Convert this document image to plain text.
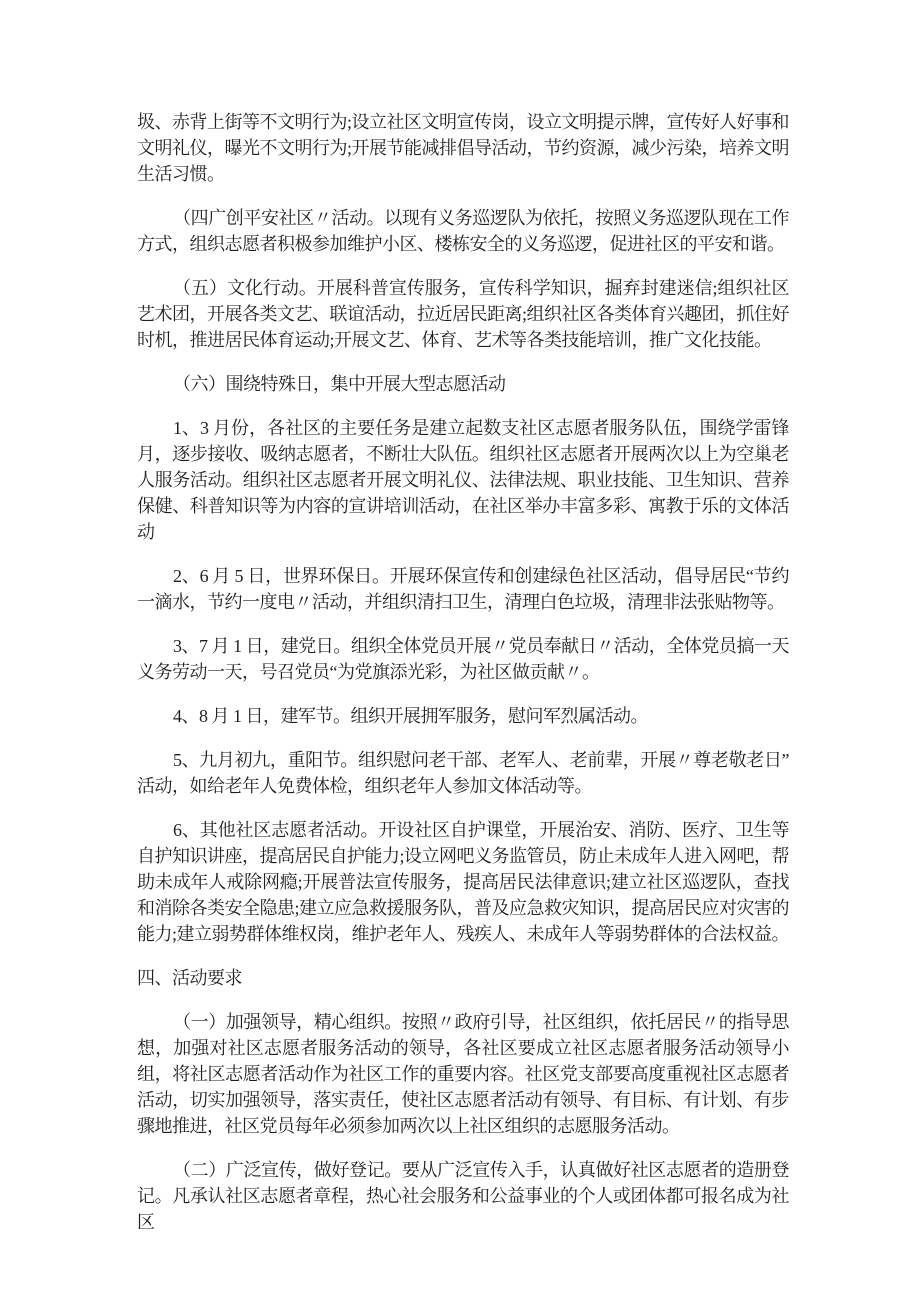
圾、赤背上街等不文明行为;设立社区文明宣传岗，设立文明提示牌，宣传好人好事和文明礼仪，曝光不文明行为;开展节能减排倡导活动，节约资源，减少污染，培养文明生活习惯。

（四广创平安社区〃活动。以现有义务巡逻队为依托，按照义务巡逻队现在工作方式，组织志愿者积极参加维护小区、楼栋安全的义务巡逻，促进社区的平安和谐。

（五）文化行动。开展科普宣传服务，宣传科学知识，掘弃封建迷信;组织社区艺术团，开展各类文艺、联谊活动，拉近居民距离;组织社区各类体育兴趣团，抓住好时机，推进居民体育运动;开展文艺、体育、艺术等各类技能培训，推广文化技能。

（六）围绕特殊日，集中开展大型志愿活动

1、3 月份，各社区的主要任务是建立起数支社区志愿者服务队伍，围绕学雷锋月，逐步接收、吸纳志愿者，不断壮大队伍。组织社区志愿者开展两次以上为空巢老人服务活动。组织社区志愿者开展文明礼仪、法律法规、职业技能、卫生知识、营养保健、科普知识等为内容的宣讲培训活动，在社区举办丰富多彩、寓教于乐的文体活动

2、6 月 5 日，世界环保日。开展环保宣传和创建绿色社区活动，倡导居民“节约一滴水，节约一度电〃活动，并组织清扫卫生，清理白色垃圾，清理非法张贴物等。

3、7 月 1 日，建党日。组织全体党员开展〃党员奉献日〃活动，全体党员搞一天义务劳动一天，号召党员“为党旗添光彩，为社区做贡献〃。

4、8 月 1 日，建军节。组织开展拥军服务，慰问军烈属活动。

5、九月初九，重阳节。组织慰问老干部、老军人、老前辈，开展〃尊老敬老日”活动，如给老年人免费体检，组织老年人参加文体活动等。

6、其他社区志愿者活动。开设社区自护课堂，开展治安、消防、医疗、卫生等自护知识讲座，提高居民自护能力;设立网吧义务监管员，防止未成年人进入网吧，帮助未成年人戒除网瘾;开展普法宣传服务，提高居民法律意识;建立社区巡逻队，查找和消除各类安全隐患;建立应急救援服务队，普及应急救灾知识，提高居民应对灾害的能力;建立弱势群体维权岗，维护老年人、残疾人、未成年人等弱势群体的合法权益。

四、活动要求

（一）加强领导，精心组织。按照〃政府引导，社区组织，依托居民〃的指导思想，加强对社区志愿者服务活动的领导，各社区要成立社区志愿者服务活动领导小组，将社区志愿者活动作为社区工作的重要内容。社区党支部要高度重视社区志愿者活动，切实加强领导，落实责任，使社区志愿者活动有领导、有目标、有计划、有步骤地推进，社区党员每年必须参加两次以上社区组织的志愿服务活动。

（二）广泛宣传，做好登记。要从广泛宣传入手，认真做好社区志愿者的造册登记。凡承认社区志愿者章程，热心社会服务和公益事业的个人或团体都可报名成为社区
